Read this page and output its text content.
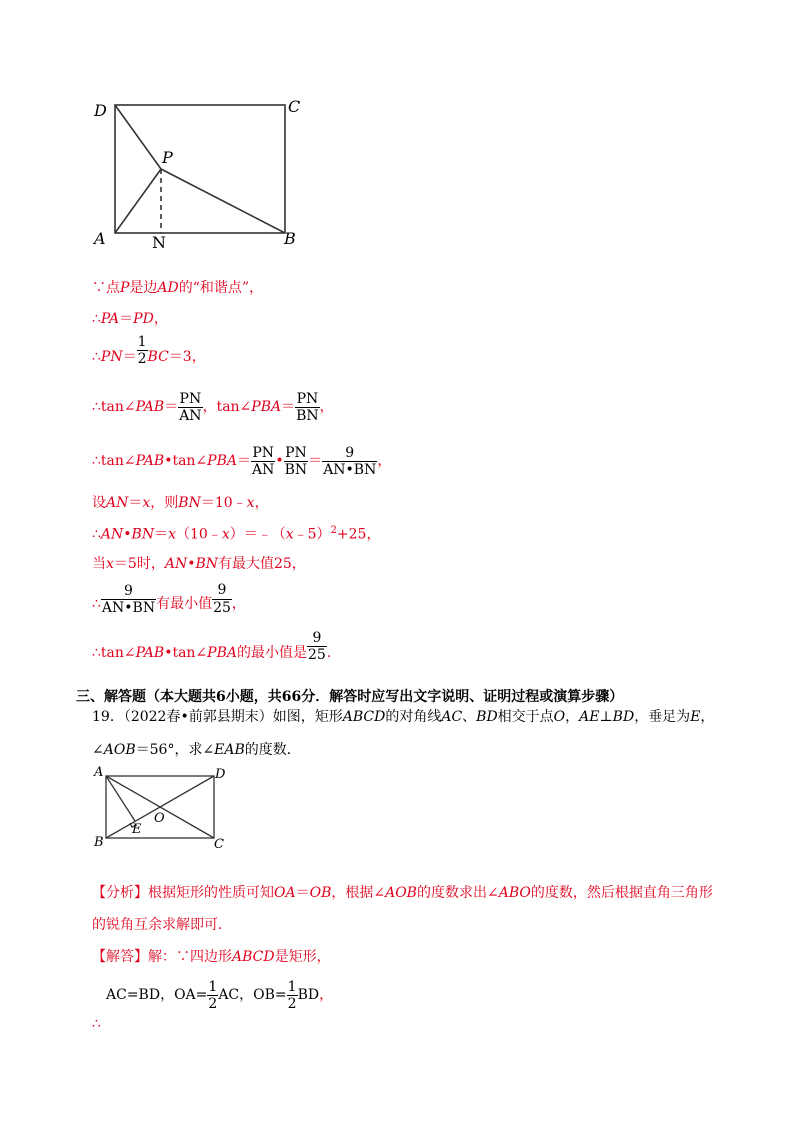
D	C
P
A	N	B
∵点P是边AD的“和谐点”，
∴PA＝PD，
∴PN＝ $\frac{1}{2} BC=3$，
∴tan∠PAB＝ $\frac{PN}{AN}$ ，tan∠PBA＝ $\frac{PN}{BN}$ ，
∴tan∠PAB•tan∠PBA＝ $\frac{PN}{AN}$ • $\frac{PN}{BN} = \frac{9}{AN•BN}$ ，
设AN＝x，则BN＝10﹣x，
∴AN•BN＝x（10﹣x）＝﹣（x﹣5）$^2$+25，
当x＝5时，AN•BN有最大值25，
∴ $\frac{9}{AN•BN}$ 有最小值 $\frac{9}{25}$ ，
∴tan∠PAB•tan∠PBA的最小值是 $\frac{9}{25}$ .
三、解答题（本大题共6小题，共66分．解答时应写出文字说明、证明过程或演算步骤）
19．（2022春•前郭县期末）如图，矩形ABCD的对角线AC、BD相交于点O，AE⊥BD，垂足为E，
∠AOB＝56°，求∠EAB的度数．
A	D
B	C
E
O
【分析】根据矩形的性质可知OA＝OB，根据∠AOB的度数求出∠ABO的度数，然后根据直角三角形
的锐角互余求解即可．
【解答】解：∵四边形ABCD是矩形，
∴
AC=BD，$OA= \frac{1}{2}$ AC，$OB= \frac{1}{2}$ BD，
